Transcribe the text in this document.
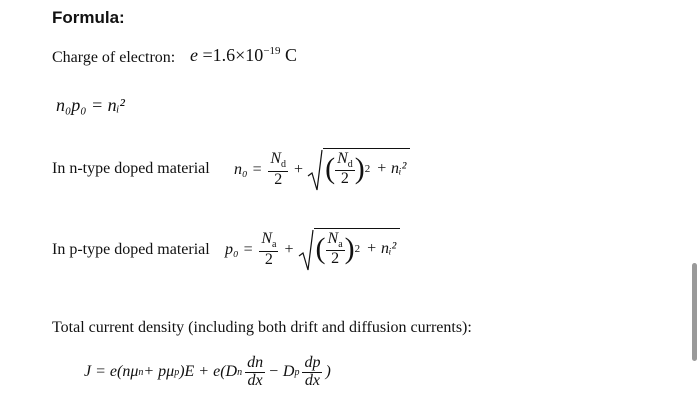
Formula:
Charge of electron: $e =1.6\times 10^{-19}$ C
n₀p₀ = nᵢ²
In n-type doped material $n_0 = \frac{N_d}{2}$ + ( $\frac{N_d}{2}$ ) 2 + nᵢ²
In p-type doped material $p_0 = \frac{N_a}{2}$ + ( $\frac{N_a}{2}$ ) 2 + nᵢ²
Total current density (including both drift and diffusion currents):
J = e(nμ n + pμ p )E + e(D n $\frac{dn}{dx} - D$ p $\frac{dp}{dx}$ )
